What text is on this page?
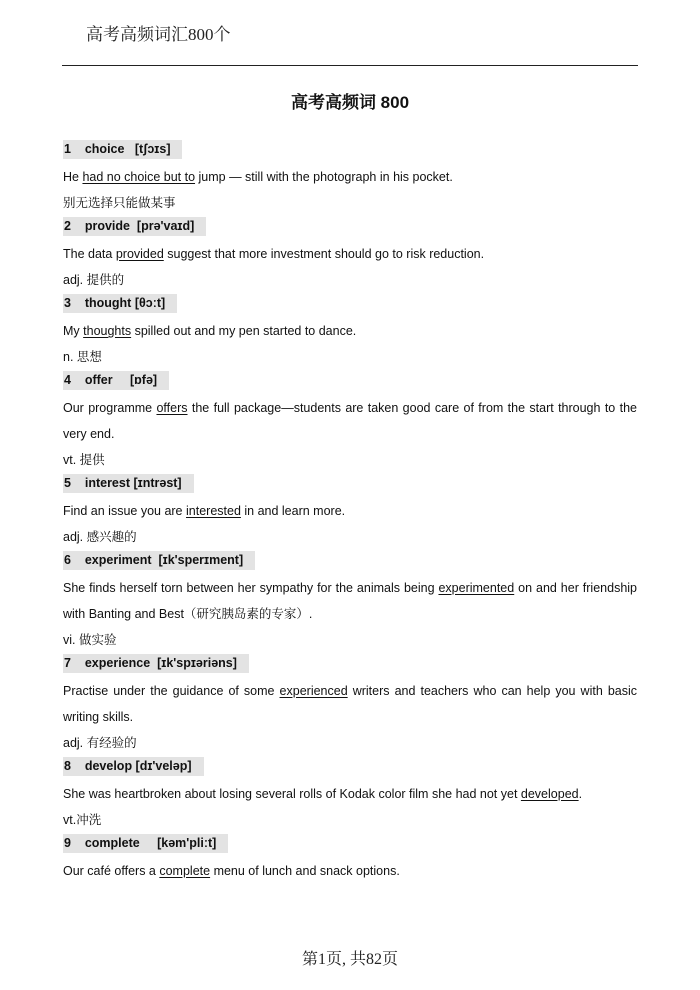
高考高频词汇800个
高考高频词 800
1    choice   [tʃɔɪs]
He had no choice but to jump — still with the photograph in his pocket.
别无选择只能做某事
2    provide  [prə'vaɪd]
The data provided suggest that more investment should go to risk reduction.
adj. 提供的
3    thought [θɔːt]
My thoughts spilled out and my pen started to dance.
n. 思想
4    offer     [ɒfə]
Our programme offers the full package—students are taken good care of from the start through to the very end.
vt. 提供
5    interest [ɪntrəst]
Find an issue you are interested in and learn more.
adj. 感兴趣的
6    experiment  [ɪk'sperɪment]
She finds herself torn between her sympathy for the animals being experimented on and her friendship with Banting and Best（研究胰岛素的专家）.
vi. 做实验
7    experience  [ɪk'spɪəriəns]
Practise under the guidance of some experienced writers and teachers who can help you with basic writing skills.
adj. 有经验的
8    develop [dɪ'veləp]
She was heartbroken about losing several rolls of Kodak color film she had not yet developed.
vt.冲洗
9    complete     [kəm'pliːt]
Our café offers a complete menu of lunch and snack options.
第1页, 共82页
